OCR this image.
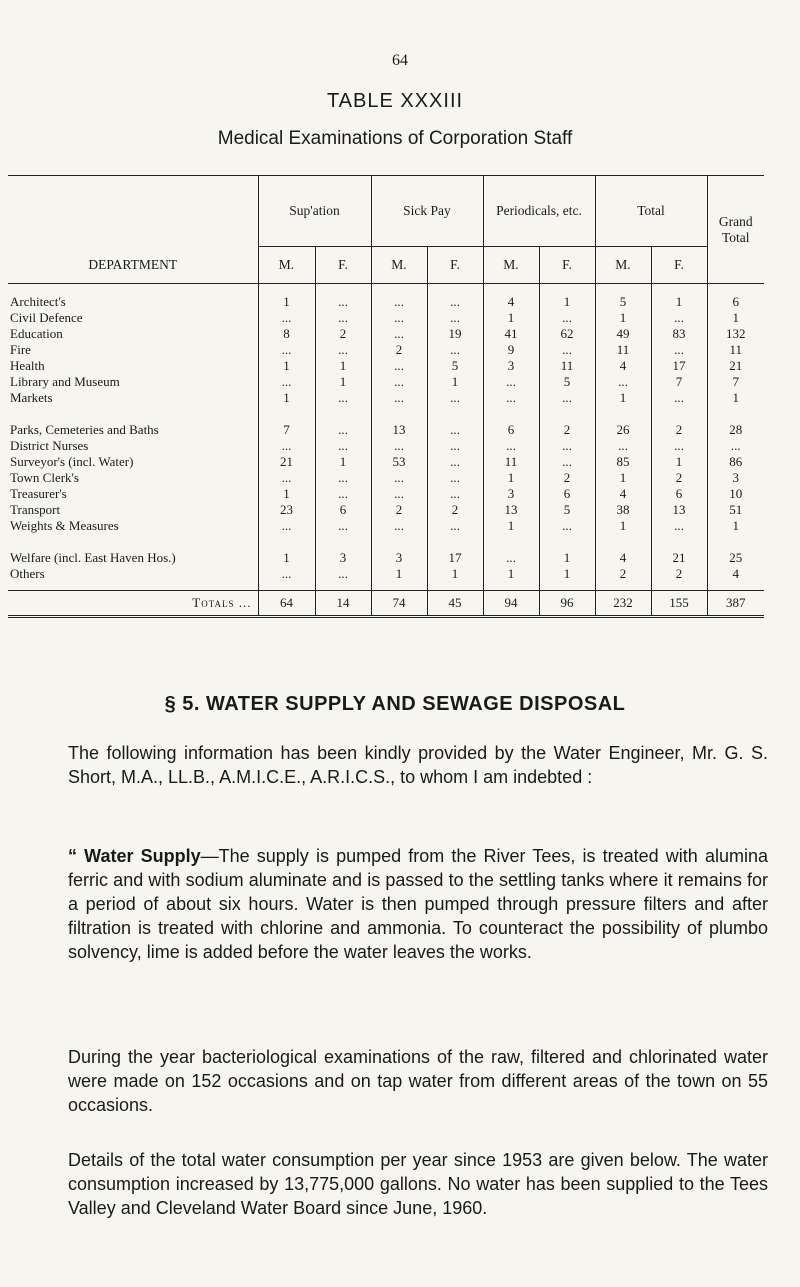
64
TABLE XXXIII
Medical Examinations of Corporation Staff
DEPARTMENT	Sup'ation		Sick Pay		Periodicals, etc.		Total		Grand Total
	M.	F.	M.	F.	M.	F.	M.	F.	
Architect's	1	...	...	...	4	1	5	1	6
Civil Defence	...	...	...	...	1	...	1	...	1
Education	8	2	...	19	41	62	49	83	132
Fire	...	...	2	...	9	...	11	...	11
Health	1	1	...	5	3	11	4	17	21
Library and Museum	...	1	...	1	...	5	...	7	7
Markets	1	...	...	...	...	...	1	...	1
Parks, Cemeteries and Baths	7	...	13	...	6	2	26	2	28
District Nurses	...	...	...	...	...	...	...	...	...
Surveyor's (incl. Water)	21	1	53	...	11	...	85	1	86
Town Clerk's	...	...	...	...	1	2	1	2	3
Treasurer's	1	...	...	...	3	6	4	6	10
Transport	23	6	2	2	13	5	38	13	51
Weights & Measures	...	...	...	...	1	...	1	...	1
Welfare (incl. East Haven Hos.)	1	3	3	17	...	1	4	21	25
Others	...	...	1	1	1	1	2	2	4
Totals ...	64	14	74	45	94	96	232	155	387
§ 5. WATER SUPPLY AND SEWAGE DISPOSAL

The following information has been kindly provided by the Water Engineer, Mr. G. S. Short, M.A., LL.B., A.M.I.C.E., A.R.I.C.S., to whom I am indebted :

“ Water Supply—The supply is pumped from the River Tees, is treated with alumina ferric and with sodium aluminate and is passed to the settling tanks where it remains for a period of about six hours. Water is then pumped through pressure filters and after filtration is treated with chlorine and ammonia. To counteract the possibility of plumbo solvency, lime is added before the water leaves the works.

During the year bacteriological examinations of the raw, filtered and chlorinated water were made on 152 occasions and on tap water from different areas of the town on 55 occasions.

Details of the total water consumption per year since 1953 are given below. The water consumption increased by 13,775,000 gallons. No water has been supplied to the Tees Valley and Cleveland Water Board since June, 1960.
